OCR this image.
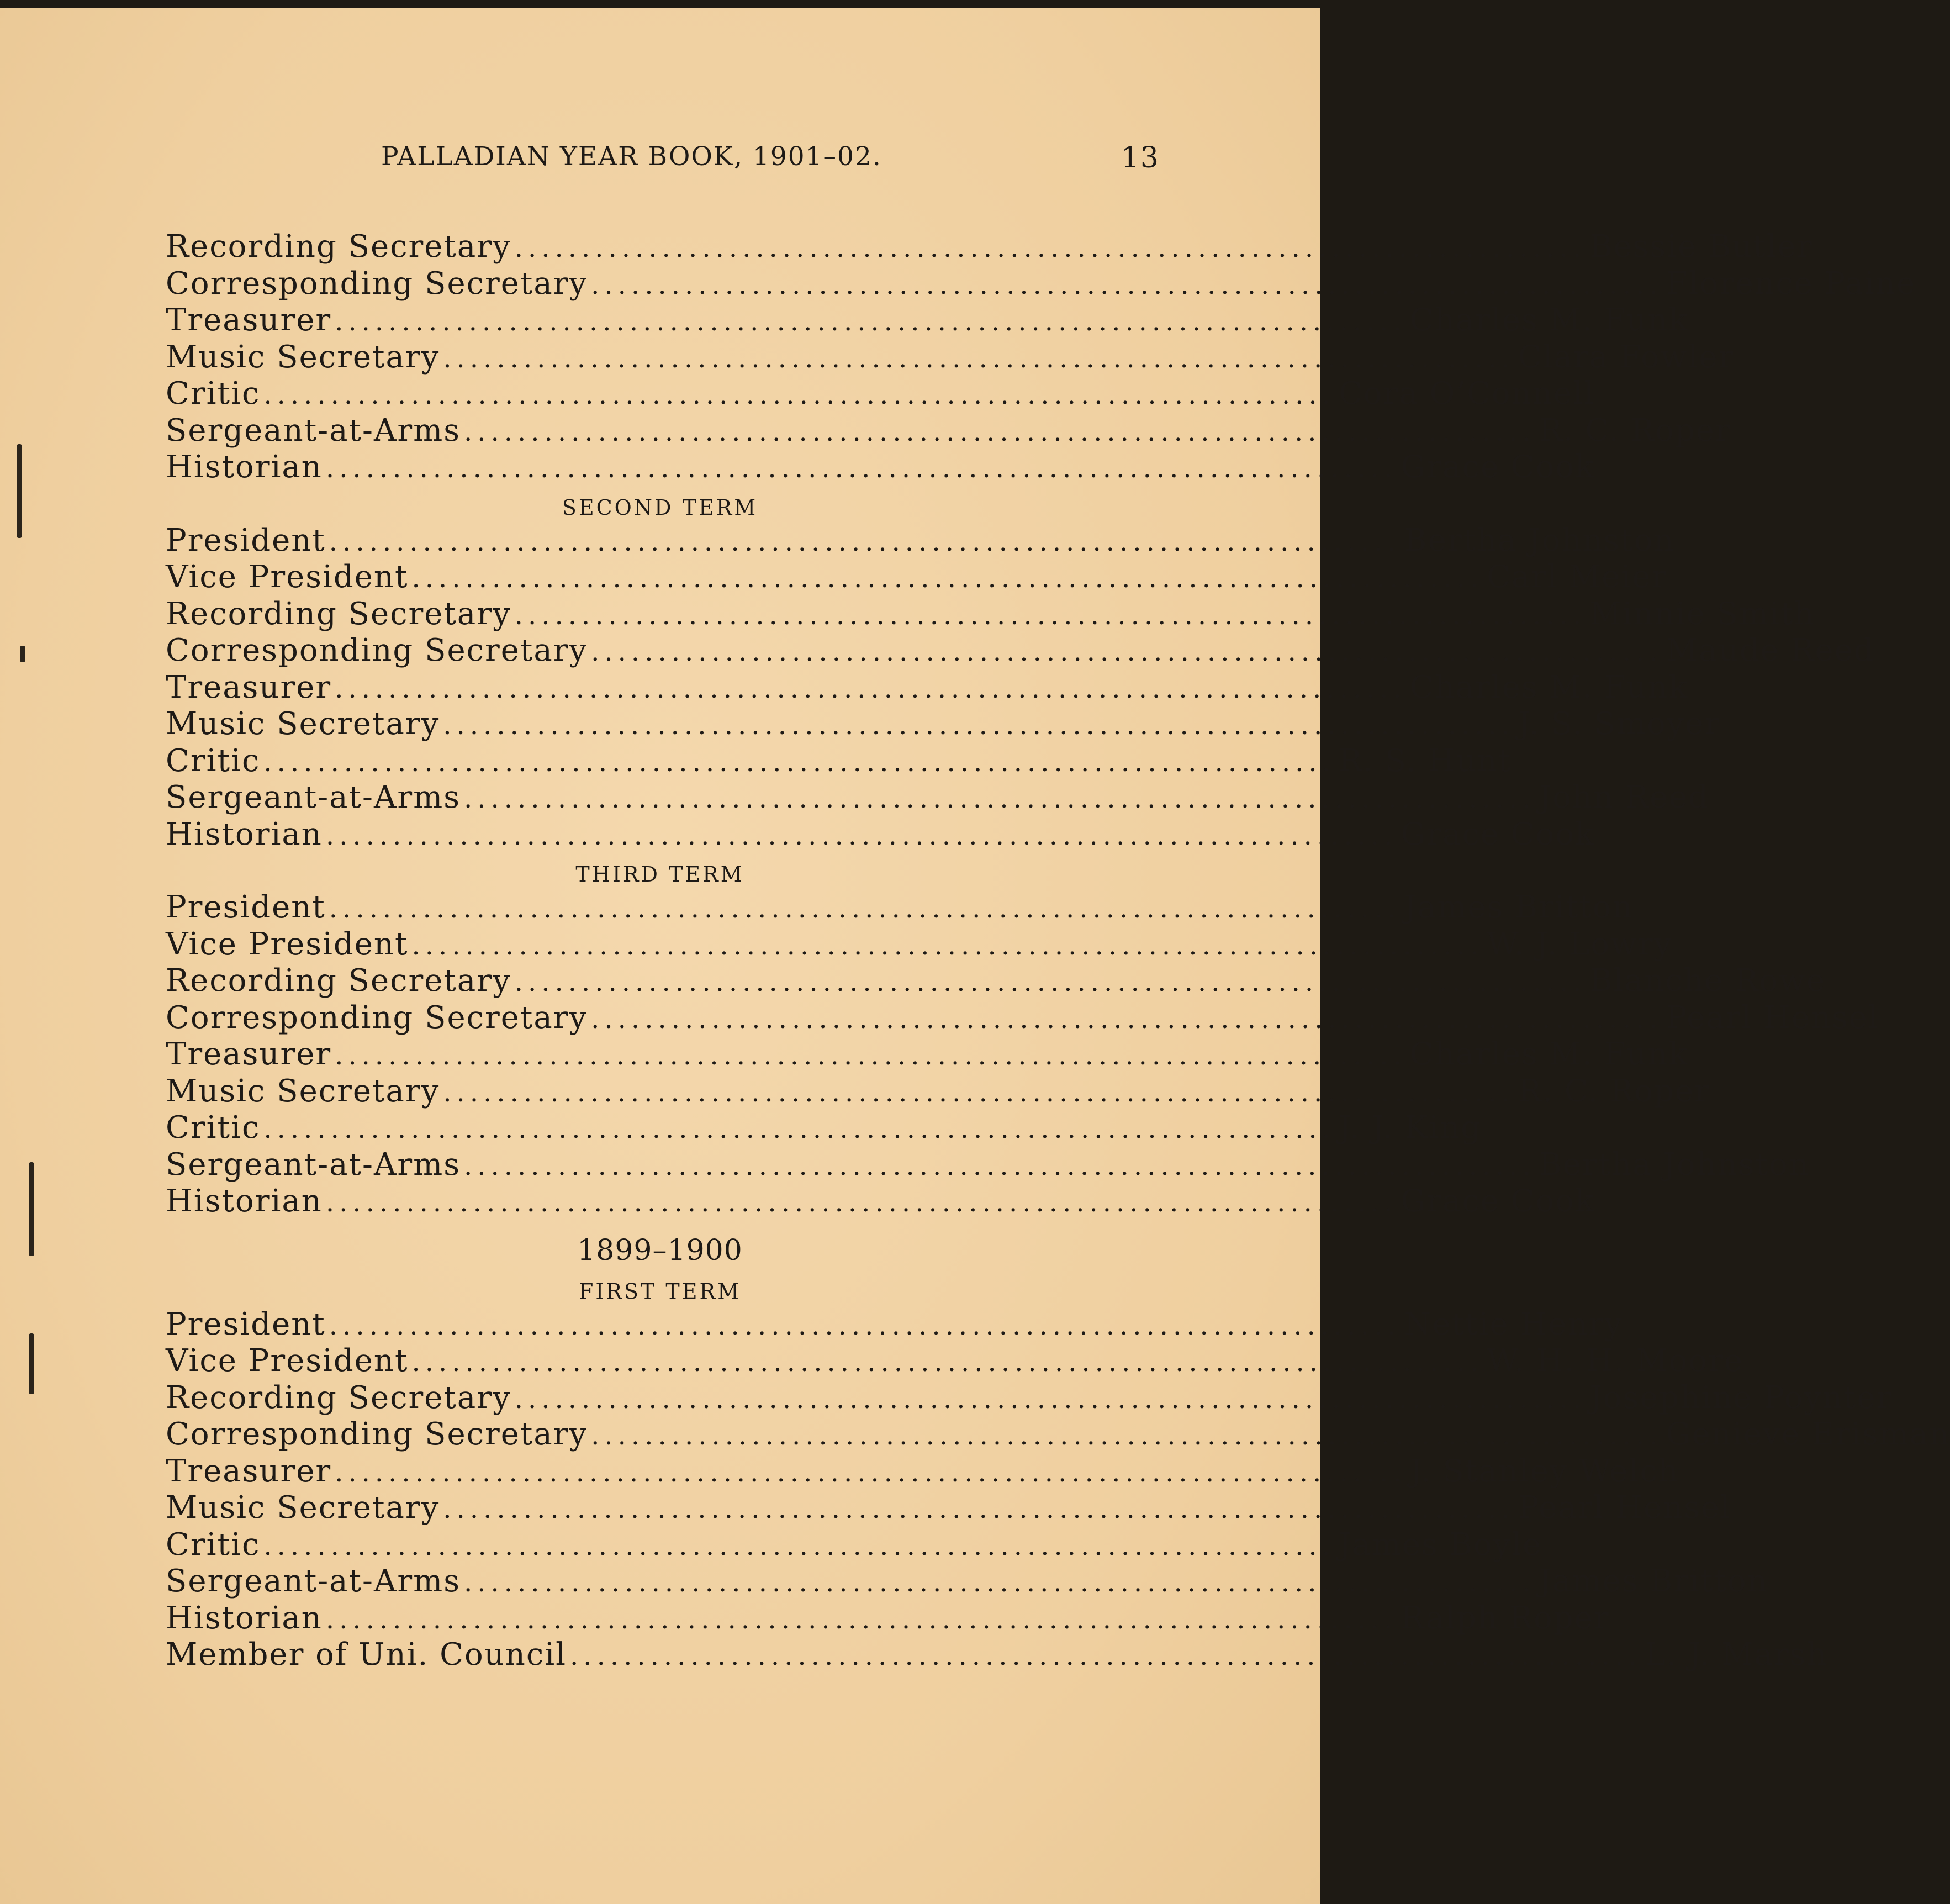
PALLADIAN YEAR BOOK, 1901–02.	13
Recording Secretary ................................................................................ Bessie Butler
Corresponding Secretary ................................................................................ Florence Paine
Treasurer ................................................................................ Charles M. Funk
Music Secretary ................................................................................ Clara Fowler
Critic ................................................................................ Cora O’Connell
Sergeant-at-Arms ................................................................................ R. C. Roper
Historian ................................................................................ Grace Cook
SECOND TERM
President ................................................................................ Bertha Johnston
Vice President ................................................................................ Carl Meier
Recording Secretary ................................................................................ Minnie Smith
Corresponding Secretary ................................................................................ Maude Reed
Treasurer ................................................................................ Charles M. Funk
Music Secretary ................................................................................ J. S. Smoyer
Critic ................................................................................ R. S. Hunt
Sergeant-at-Arms ................................................................................ John Reed
Historian ................................................................................ Grace Cook
THIRD TERM
President ................................................................................ James Britton
Vice President ................................................................................ W. J. Lowry
Recording Secretary ................................................................................ Blanche Rowe
Corresponding Secretary ................................................................................ Pearl Hensel
Treasurer ................................................................................ Charles M. Funk
Music Secretary ................................................................................ R. C. Roper
Critic ................................................................................ J. J. King
Sergeant-at-Arms ................................................................................ Bertha Johnston
Historian ................................................................................ Grace Cook
1899–1900
FIRST TERM
President ................................................................................ Nettie Henry
Vice President ................................................................................ W. H. H. Moore
Recording Secretary ................................................................................ Josephine Poynter
Corresponding Secretary ................................................................................ Genieve Erisman
Treasurer ................................................................................ J. Stanley Welch
Music Secretary ................................................................................ Pearl Hensel
Critic ................................................................................ James Boyle
Sergeant-at-Arms ................................................................................ James Britton
Historian ................................................................................ Ralph Roper
Member of Uni. Council ................................................................................ L. J. Marsh
